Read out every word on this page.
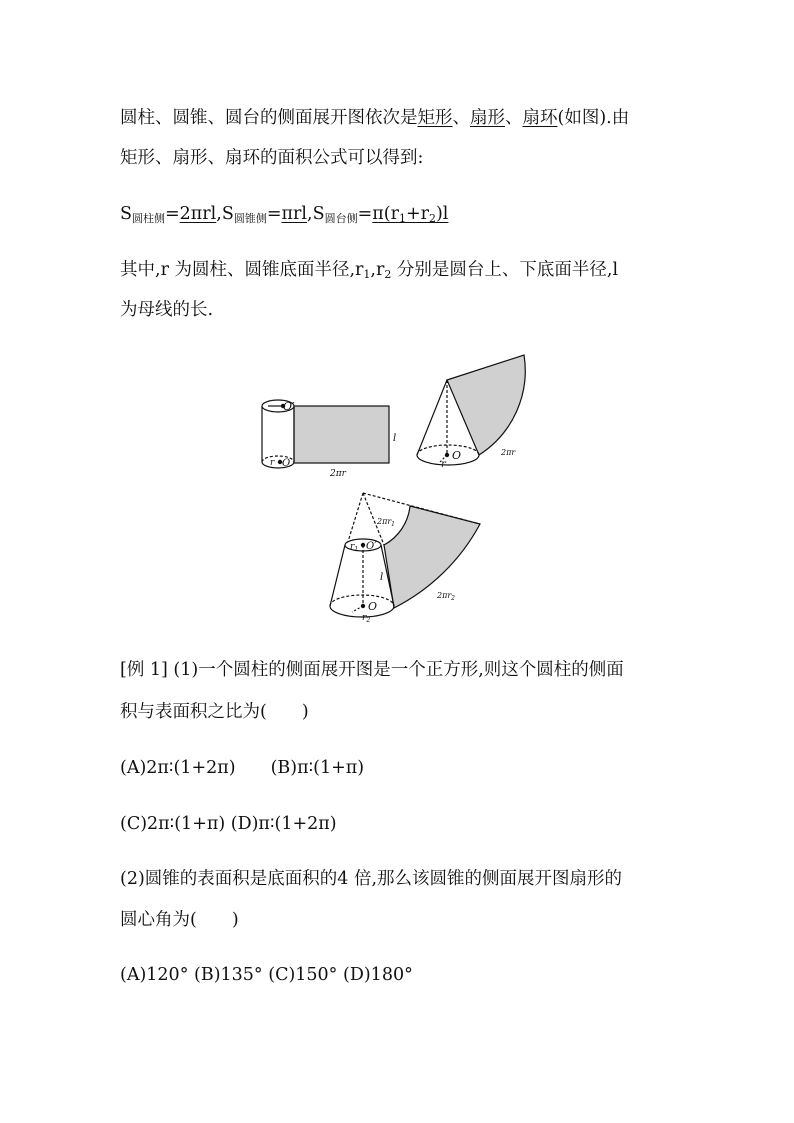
圆柱、圆锥、圆台的侧面展开图依次是矩形、扇形、扇环(如图).由
矩形、扇形、扇环的面积公式可以得到:
$S_{圆柱侧}=2\pi rl,S_{圆锥侧}=\pi rl,S_{圆台侧}=\pi(r_1+r_2)l$
其中,r 为圆柱、圆锥底面半径$,r_1,r_2$ 分别是圆台上、下底面半径,l
为母线的长.
O′
O
r
2πr
l
O
r
2πr
$r_1$ O′
$2\pi r_1$
l
O
$r_2$
$2\pi r_2$
[例 1] (1)一个圆柱的侧面展开图是一个正方形,则这个圆柱的侧面
积与表面积之比为(　　)
(A)2π∶(1+2π)　　(B)π∶(1+π)
(C)2π∶(1+π) (D)π∶(1+2π)
(2)圆锥的表面积是底面积的4 倍,那么该圆锥的侧面展开图扇形的
圆心角为(　　)
(A)120° (B)135° (C)150° (D)180°
